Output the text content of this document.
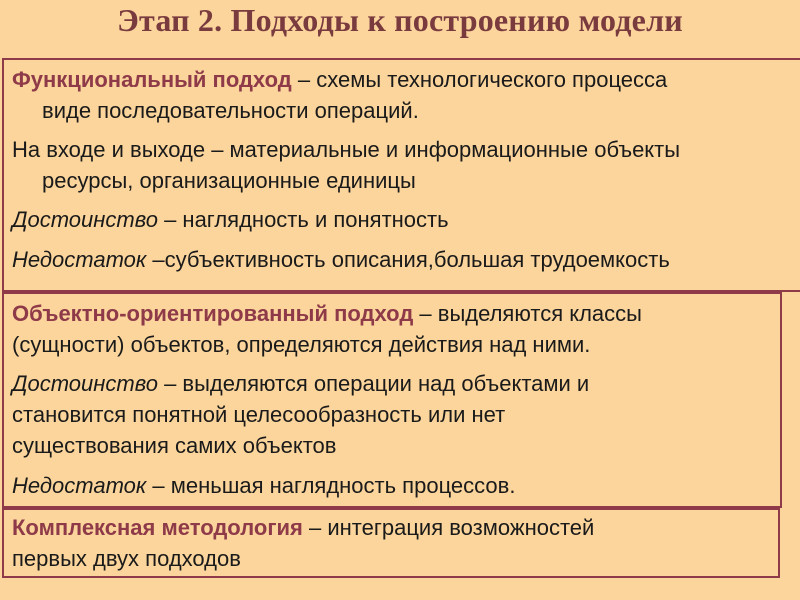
Этап 2. Подходы к построению модели
Функциональный подход – схемы технологического процесса
виде последовательности операций.
На входе и выходе – материальные и информационные объекты
ресурсы, организационные единицы
Достоинство – наглядность и понятность
Недостаток –субъективность описания,большая трудоемкость
Объектно-ориентированный подход – выделяются классы
(сущности) объектов, определяются действия над ними.
Достоинство – выделяются операции над объектами и
становится понятной целесообразность или нет
существования самих объектов
Недостаток – меньшая наглядность процессов.
Комплексная методология – интеграция возможностей
первых двух подходов
